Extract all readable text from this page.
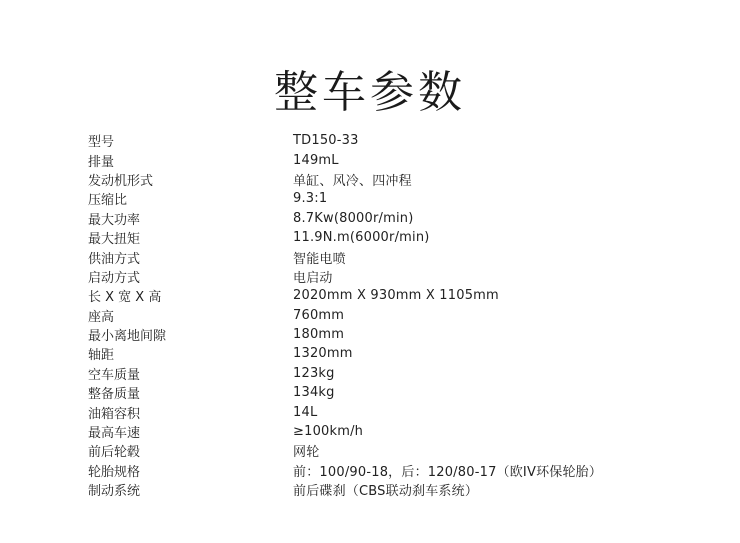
整车参数
型号	TD150-33
排量	149mL
发动机形式	单缸、风冷、四冲程
压缩比	9.3:1
最大功率	8.7Kw(8000r/min)
最大扭矩	11.9N.m(6000r/min)
供油方式	智能电喷
启动方式	电启动
长 X 宽 X 高	2020mm X 930mm X 1105mm
座高	760mm
最小离地间隙	180mm
轴距	1320mm
空车质量	123kg
整备质量	134kg
油箱容积	14L
最高车速	≥100km/h
前后轮毂	网轮
轮胎规格	前：100/90-18，后：120/80-17（欧IV环保轮胎）
制动系统	前后碟刹（CBS联动刹车系统）
